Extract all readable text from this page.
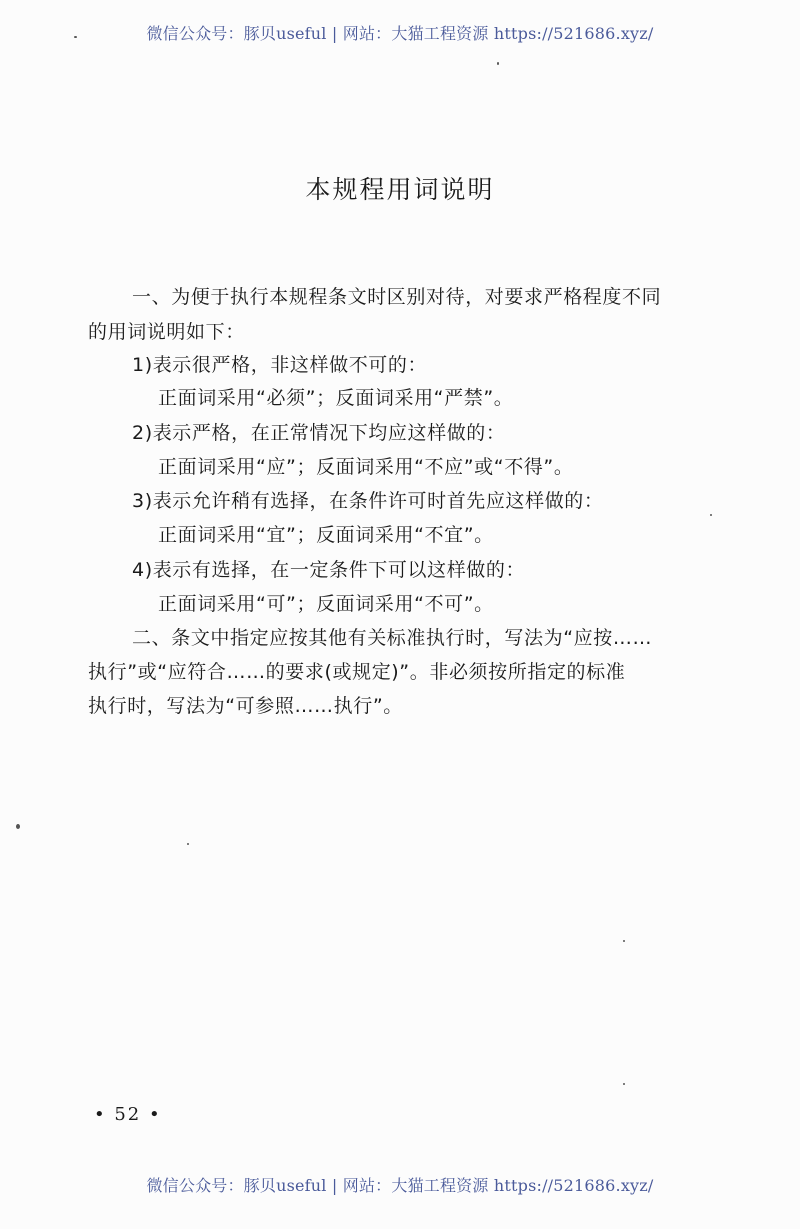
微信公众号：豚贝useful | 网站：大猫工程资源 https://521686.xyz/
本规程用词说明
一、为便于执行本规程条文时区别对待，对要求严格程度不同
的用词说明如下：
1)表示很严格，非这样做不可的：
正面词采用“必须”；反面词采用“严禁”。
2)表示严格，在正常情况下均应这样做的：
正面词采用“应”；反面词采用“不应”或“不得”。
3)表示允许稍有选择，在条件许可时首先应这样做的：
正面词采用“宜”；反面词采用“不宜”。
4)表示有选择，在一定条件下可以这样做的：
正面词采用“可”；反面词采用“不可”。
二、条文中指定应按其他有关标准执行时，写法为“应按……
执行”或“应符合……的要求(或规定)”。非必须按所指定的标准
执行时，写法为“可参照……执行”。
• 52 •
微信公众号：豚贝useful | 网站：大猫工程资源 https://521686.xyz/
